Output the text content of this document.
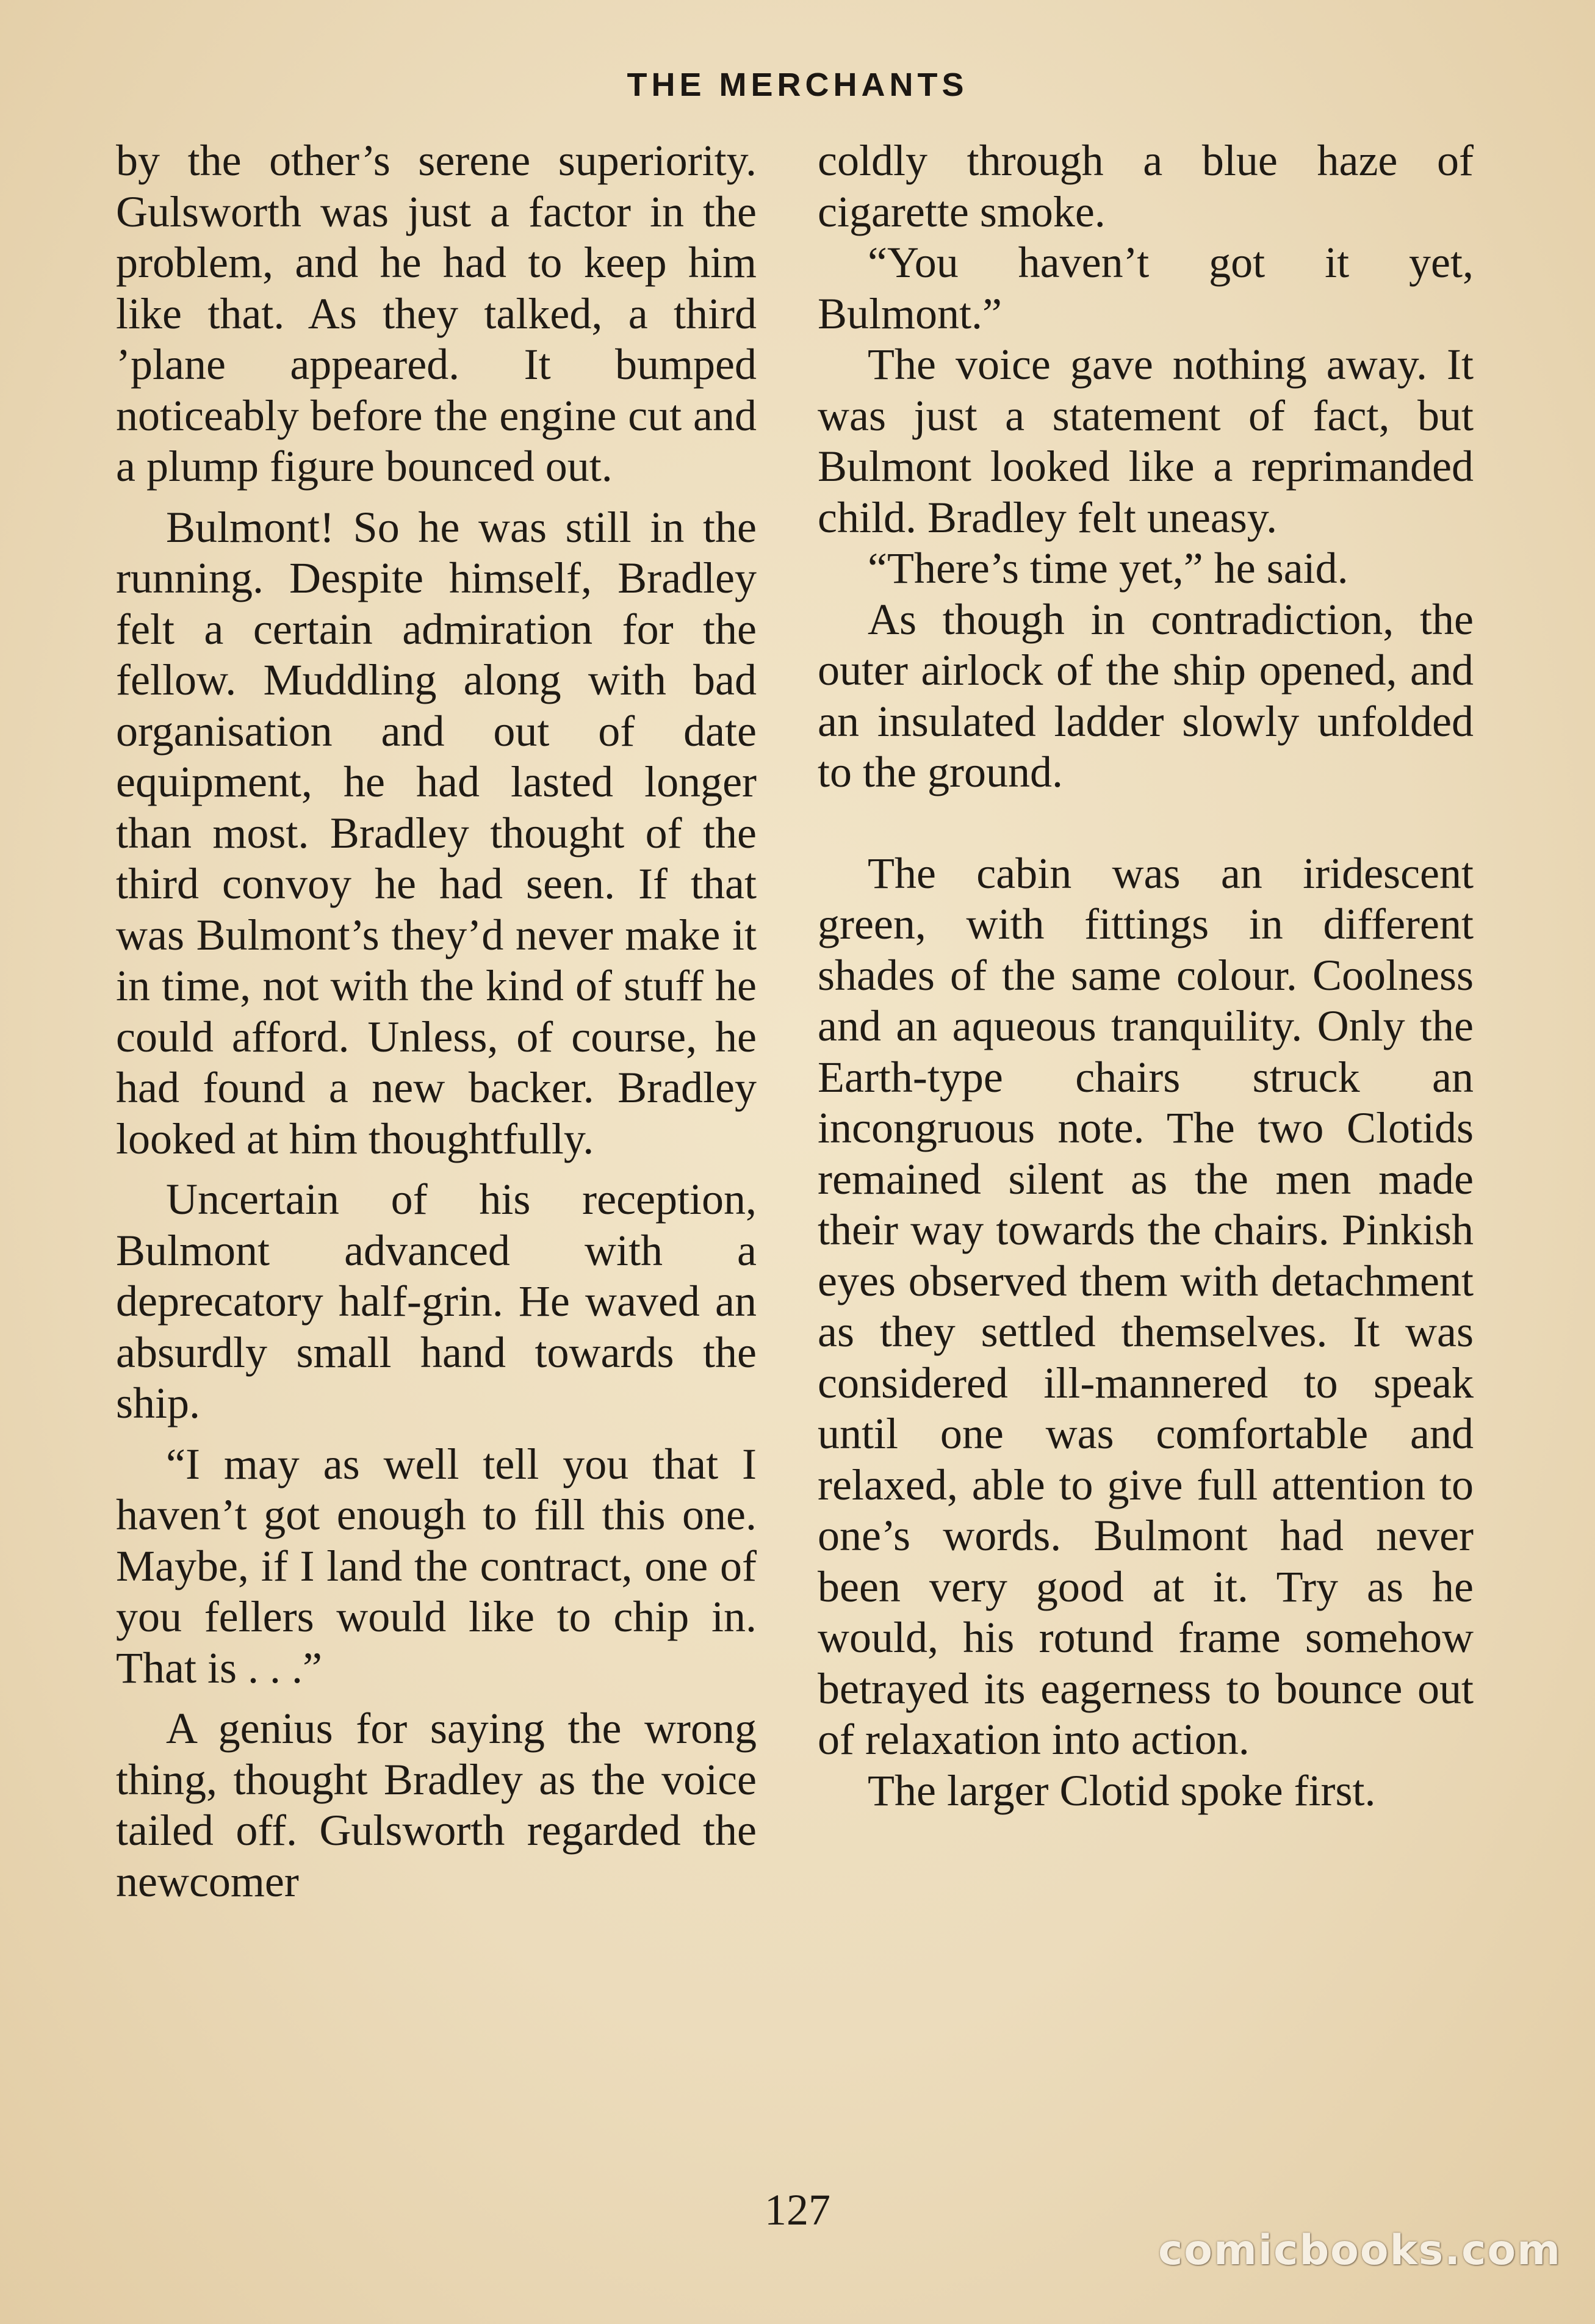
THE MERCHANTS

by the other’s serene superiority. Gulsworth was just a factor in the problem, and he had to keep him like that. As they talked, a third ’plane appeared. It bumped noticeably before the engine cut and a plump figure bounced out.

Bulmont! So he was still in the running. Despite himself, Bradley felt a certain admiration for the fellow. Muddling along with bad organisation and out of date equipment, he had lasted longer than most. Bradley thought of the third convoy he had seen. If that was Bulmont’s they’d never make it in time, not with the kind of stuff he could afford. Unless, of course, he had found a new backer. Bradley looked at him thoughtfully.

Uncertain of his reception, Bulmont advanced with a deprecatory half-grin. He waved an absurdly small hand towards the ship.

“I may as well tell you that I haven’t got enough to fill this one. Maybe, if I land the contract, one of you fellers would like to chip in. That is . . .”

A genius for saying the wrong thing, thought Bradley as the voice tailed off. Gulsworth regarded the newcomer

coldly through a blue haze of cigarette smoke.

“You haven’t got it yet, Bulmont.”

The voice gave nothing away. It was just a statement of fact, but Bulmont looked like a reprimanded child. Bradley felt uneasy.

“There’s time yet,” he said.

As though in contradiction, the outer airlock of the ship opened, and an insulated ladder slowly unfolded to the ground.

The cabin was an iridescent green, with fittings in different shades of the same colour. Coolness and an aqueous tranquility. Only the Earth-type chairs struck an incongruous note. The two Clotids remained silent as the men made their way towards the chairs. Pinkish eyes observed them with detachment as they settled themselves. It was considered ill-mannered to speak until one was comfortable and relaxed, able to give full attention to one’s words. Bulmont had never been very good at it. Try as he would, his rotund frame somehow betrayed its eagerness to bounce out of relaxation into action.

The larger Clotid spoke first.

127
comicbooks.com
